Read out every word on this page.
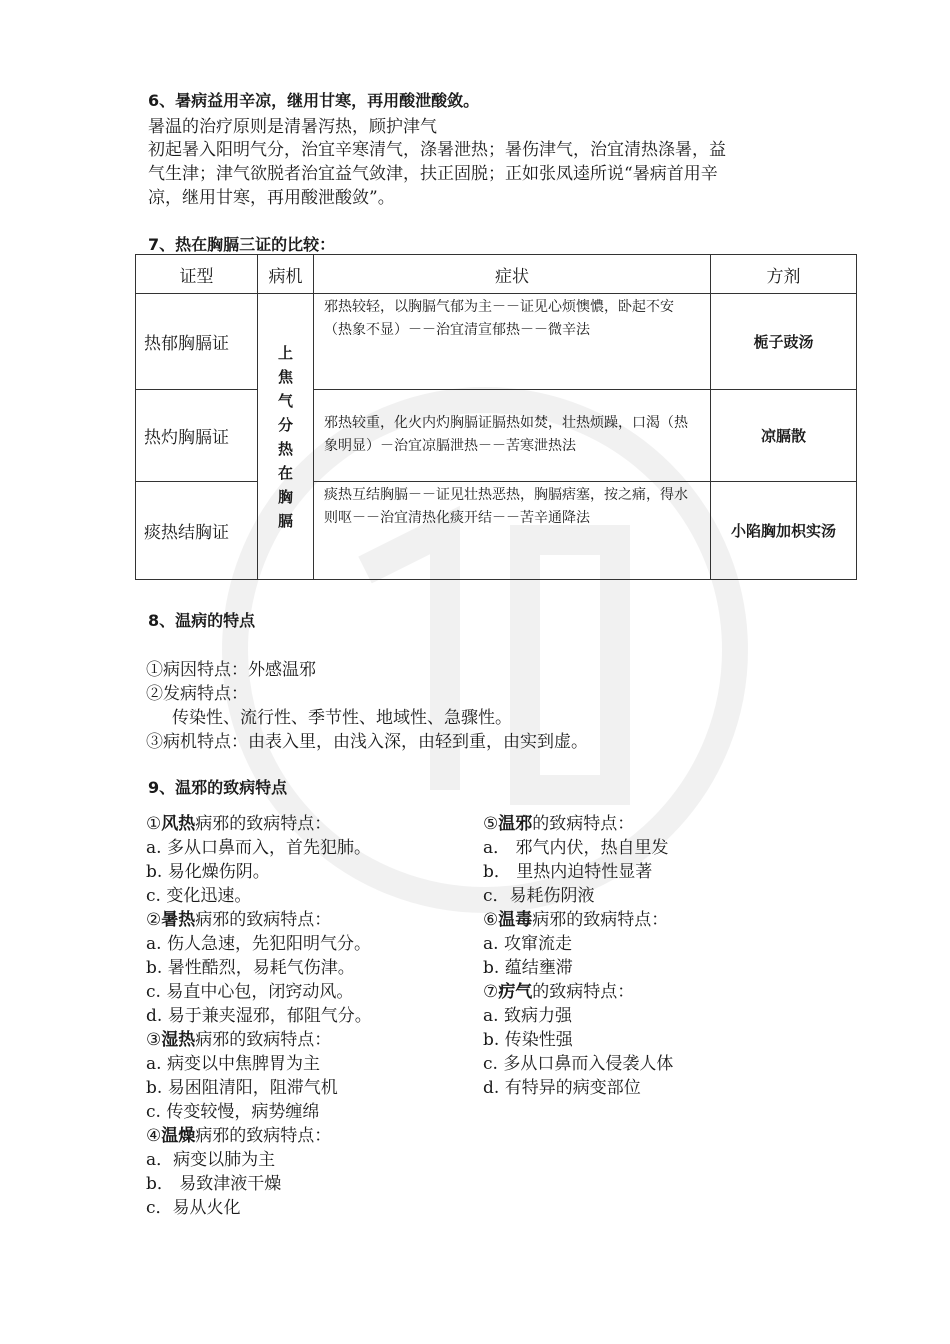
6、暑病益用辛凉，继用甘寒，再用酸泄酸敛。
暑温的治疗原则是清暑泻热，顾护津气
初起暑入阳明气分，治宜辛寒清气，涤暑泄热；暑伤津气，治宜清热涤暑，益
气生津；津气欲脱者治宜益气敛津，扶正固脱；正如张凤逵所说“暑病首用辛
凉，继用甘寒，再用酸泄酸敛”。
7、热在胸膈三证的比较：
证型	病机	症状	方剂
热郁胸膈证	上焦气分热在胸膈	邪热较轻，以胸膈气郁为主－－证见心烦懊憹，卧起不安（热象不显）－－治宜清宣郁热－－微辛法	栀子豉汤
热灼胸膈证		邪热较重，化火内灼胸膈证膈热如焚，壮热烦躁，口渴（热象明显）－治宜凉膈泄热－－苦寒泄热法	凉膈散
痰热结胸证		痰热互结胸膈－－证见壮热恶热，胸膈痞塞，按之痛，得水则呕－－治宜清热化痰开结－－苦辛通降法	小陷胸加枳实汤
8、温病的特点
①病因特点：外感温邪
②发病特点：
传染性、流行性、季节性、地域性、急骤性。
③病机特点：由表入里，由浅入深，由轻到重，由实到虚。
9、温邪的致病特点
①风热病邪的致病特点：
a. 多从口鼻而入，首先犯肺。
b. 易化燥伤阴。
c. 变化迅速。
②暑热病邪的致病特点：
a. 伤人急速，先犯阳明气分。
b. 暑性酷烈，易耗气伤津。
c. 易直中心包，闭窍动风。
d. 易于兼夹湿邪，郁阻气分。
③湿热病邪的致病特点：
a. 病变以中焦脾胃为主
b. 易困阻清阳，阻滞气机
c. 传变较慢，病势缠绵
④温燥病邪的致病特点：
a．病变以肺为主
b． 易致津液干燥
c．易从火化
⑤温邪的致病特点：
a． 邪气内伏，热自里发
b． 里热内迫特性显著
c．易耗伤阴液
⑥温毒病邪的致病特点：
a. 攻窜流走
b. 蕴结壅滞
⑦疠气的致病特点：
a. 致病力强
b. 传染性强
c. 多从口鼻而入侵袭人体
d. 有特异的病变部位
